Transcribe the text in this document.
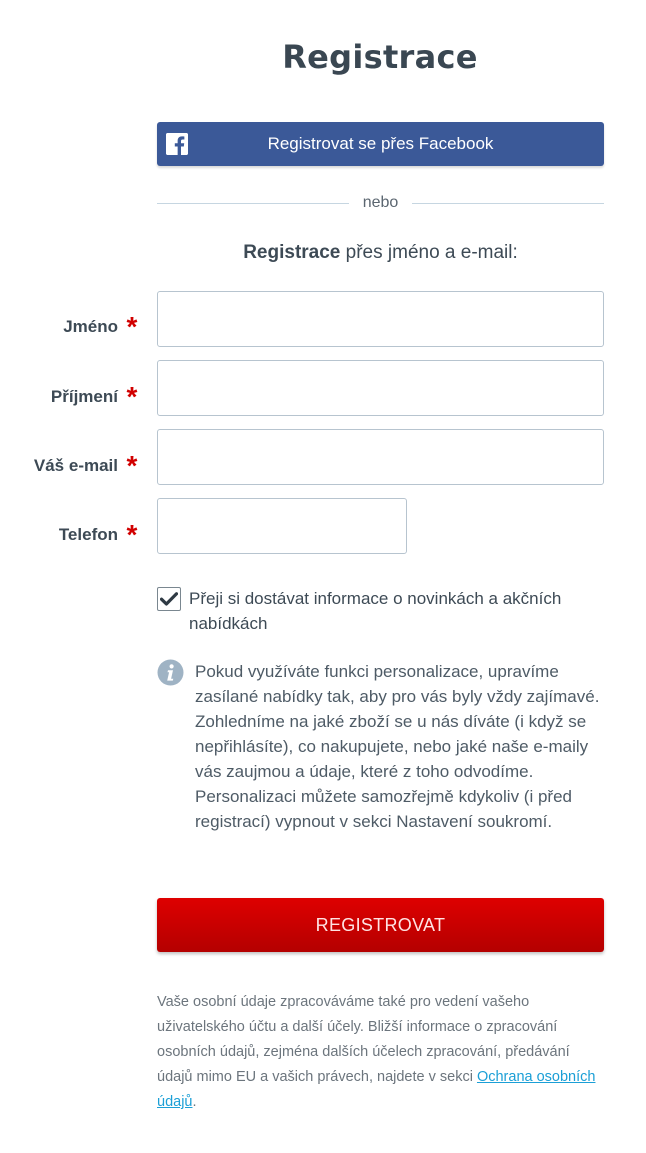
Registrace
Registrovat se přes Facebook
nebo
Registrace přes jméno a e-mail:
Jméno *
Příjmení *
Váš e-mail *
Telefon *
Přeji si dostávat informace o novinkách a akčních nabídkách
Pokud využíváte funkci personalizace, upravíme zasílané nabídky tak, aby pro vás byly vždy zajímavé. Zohledníme na jaké zboží se u nás díváte (i když se nepřihlásíte), co nakupujete, nebo jaké naše e-maily vás zaujmou a údaje, které z toho odvodíme. Personalizaci můžete samozřejmě kdykoliv (i před registrací) vypnout v sekci Nastavení soukromí.
REGISTROVAT
Vaše osobní údaje zpracováváme také pro vedení vašeho uživatelského účtu a další účely. Bližší informace o zpracování osobních údajů, zejména dalších účelech zpracování, předávání údajů mimo EU a vašich právech, najdete v sekci Ochrana osobních údajů.
